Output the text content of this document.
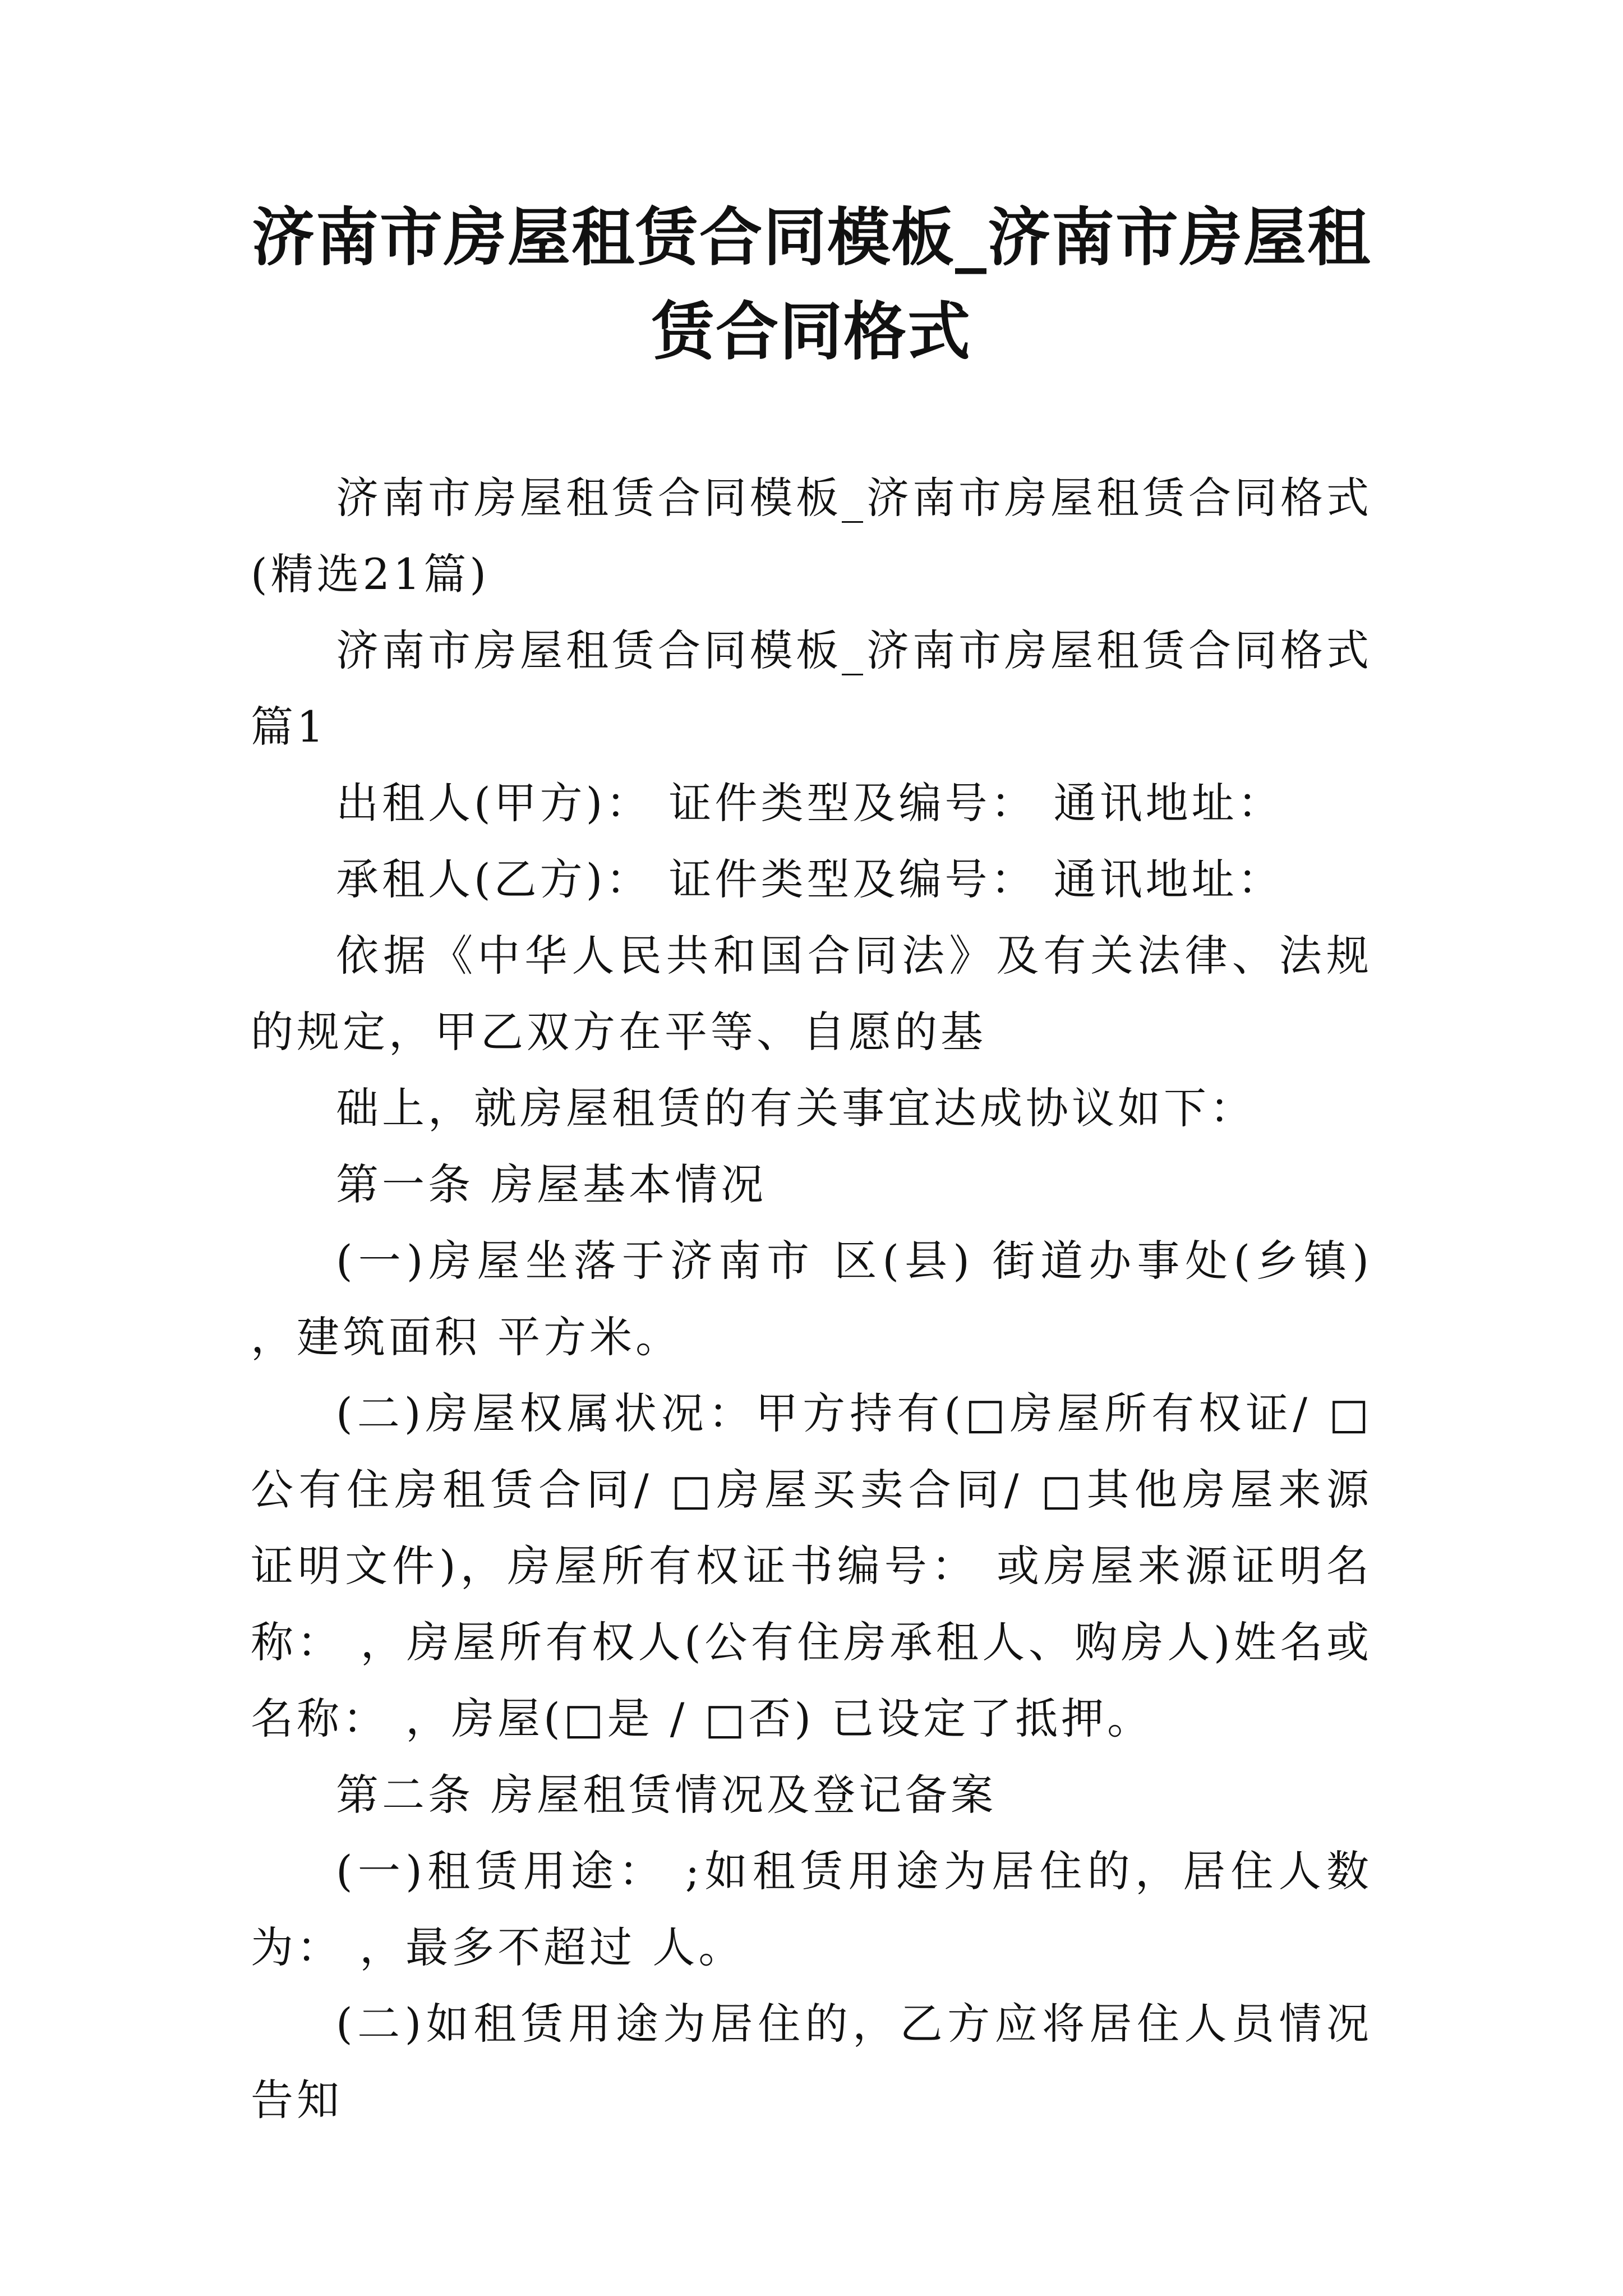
济南市房屋租赁合同模板_济南市房屋租赁合同格式

济南市房屋租赁合同模板_济南市房屋租赁合同格式(精选21篇)

济南市房屋租赁合同模板_济南市房屋租赁合同格式篇1

出租人(甲方)： 证件类型及编号： 通讯地址：

承租人(乙方)： 证件类型及编号： 通讯地址：

依据《中华人民共和国合同法》及有关法律、法规的规定，甲乙双方在平等、自愿的基

础上，就房屋租赁的有关事宜达成协议如下：

第一条 房屋基本情况

(一)房屋坐落于济南市 区(县) 街道办事处(乡镇) ，建筑面积 平方米。

(二)房屋权属状况：甲方持有(□房屋所有权证/ □公有住房租赁合同/ □房屋买卖合同/ □其他房屋来源证明文件)，房屋所有权证书编号： 或房屋来源证明名称： ，房屋所有权人(公有住房承租人、购房人)姓名或名称： ，房屋(□是 / □否) 已设定了抵押。

第二条 房屋租赁情况及登记备案

(一)租赁用途： ;如租赁用途为居住的，居住人数为： ，最多不超过 人。

(二)如租赁用途为居住的，乙方应将居住人员情况告知
